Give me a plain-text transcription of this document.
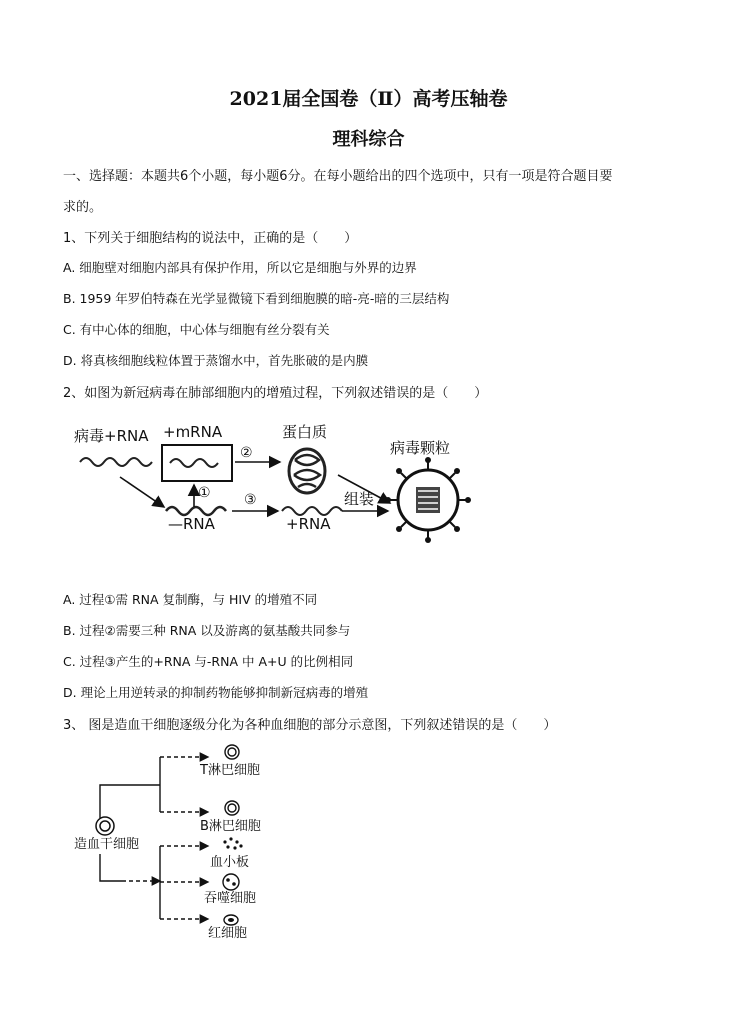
2021届全国卷（Ⅱ）高考压轴卷
理科综合
一、选择题：本题共6个小题，每小题6分。在每小题给出的四个选项中，只有一项是符合题目要
求的。
1、下列关于细胞结构的说法中，正确的是（　　）
A. 细胞壁对细胞内部具有保护作用，所以它是细胞与外界的边界
B. 1959 年罗伯特森在光学显微镜下看到细胞膜的暗-亮-暗的三层结构
C. 有中心体的细胞，中心体与细胞有丝分裂有关
D. 将真核细胞线粒体置于蒸馏水中，首先胀破的是内膜
2、如图为新冠病毒在肺部细胞内的增殖过程，下列叙述错误的是（　　）
病毒+RNA +mRNA
②
蛋白质
病毒颗粒
—RNA
① ③
+RNA
组装
A. 过程①需 RNA 复制酶，与 HIV 的增殖不同
B. 过程②需要三种 RNA 以及游离的氨基酸共同参与
C. 过程③产生的+RNA 与-RNA 中 A+U 的比例相同
D. 理论上用逆转录的抑制药物能够抑制新冠病毒的增殖
3、 图是造血干细胞逐级分化为各种血细胞的部分示意图，下列叙述错误的是（　　）
造血干细胞
T淋巴细胞
B淋巴细胞
血小板
吞噬细胞
红细胞
